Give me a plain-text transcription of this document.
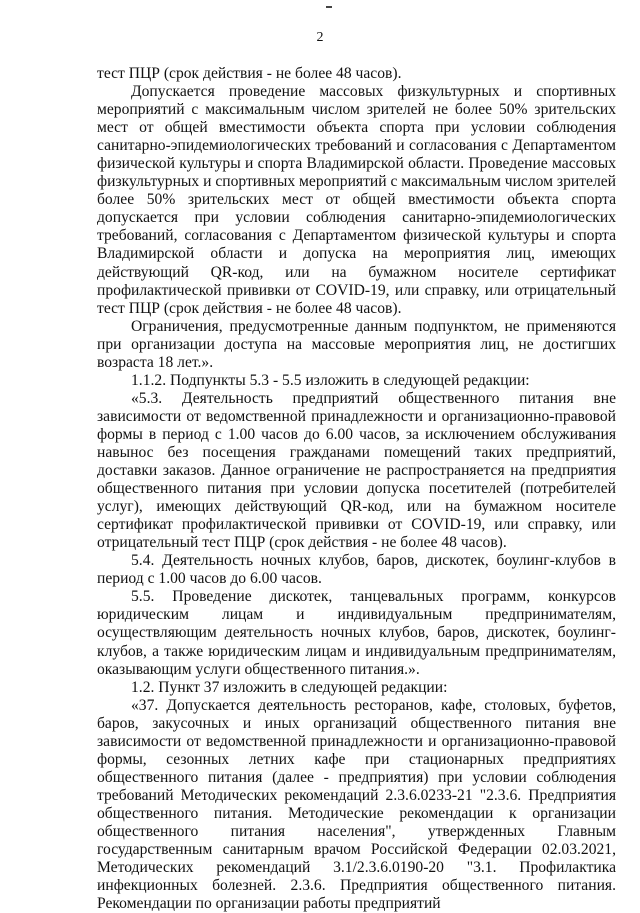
2

тест ПЦР (срок действия - не более 48 часов).

Допускается проведение массовых физкультурных и спортивных мероприятий с максимальным числом зрителей не более 50% зрительских мест от общей вместимости объекта спорта при условии соблюдения санитарно-эпидемиологических требований и согласования с Департаментом физической культуры и спорта Владимирской области. Проведение массовых физкультурных и спортивных мероприятий с максимальным числом зрителей более 50% зрительских мест от общей вместимости объекта спорта допускается при условии соблюдения санитарно-эпидемиологических требований, согласования с Департаментом физической культуры и спорта Владимирской области и допуска на мероприятия лиц, имеющих действующий QR-код, или на бумажном носителе сертификат профилактической прививки от COVID-19, или справку, или отрицательный тест ПЦР (срок действия - не более 48 часов).

Ограничения, предусмотренные данным подпунктом, не применяются при организации доступа на массовые мероприятия лиц, не достигших возраста 18 лет.».

1.1.2. Подпункты 5.3 - 5.5 изложить в следующей редакции:

«5.3. Деятельность предприятий общественного питания вне зависимости от ведомственной принадлежности и организационно-правовой формы в период с 1.00 часов до 6.00 часов, за исключением обслуживания навынос без посещения гражданами помещений таких предприятий, доставки заказов. Данное ограничение не распространяется на предприятия общественного питания при условии допуска посетителей (потребителей услуг), имеющих действующий QR-код, или на бумажном носителе сертификат профилактической прививки от COVID-19, или справку, или отрицательный тест ПЦР (срок действия - не более 48 часов).

5.4. Деятельность ночных клубов, баров, дискотек, боулинг-клубов в период с 1.00 часов до 6.00 часов.

5.5. Проведение дискотек, танцевальных программ, конкурсов юридическим лицам и индивидуальным предпринимателям, осуществляющим деятельность ночных клубов, баров, дискотек, боулинг-клубов, а также юридическим лицам и индивидуальным предпринимателям, оказывающим услуги общественного питания.».

1.2. Пункт 37 изложить в следующей редакции:

«37. Допускается деятельность ресторанов, кафе, столовых, буфетов, баров, закусочных и иных организаций общественного питания вне зависимости от ведомственной принадлежности и организационно-правовой формы, сезонных летних кафе при стационарных предприятиях общественного питания (далее - предприятия) при условии соблюдения требований Методических рекомендаций 2.3.6.0233-21 "2.3.6. Предприятия общественного питания. Методические рекомендации к организации общественного питания населения", утвержденных Главным государственным санитарным врачом Российской Федерации 02.03.2021, Методических рекомендаций 3.1/2.3.6.0190-20 "3.1. Профилактика инфекционных болезней. 2.3.6. Предприятия общественного питания. Рекомендации по организации работы предприятий
